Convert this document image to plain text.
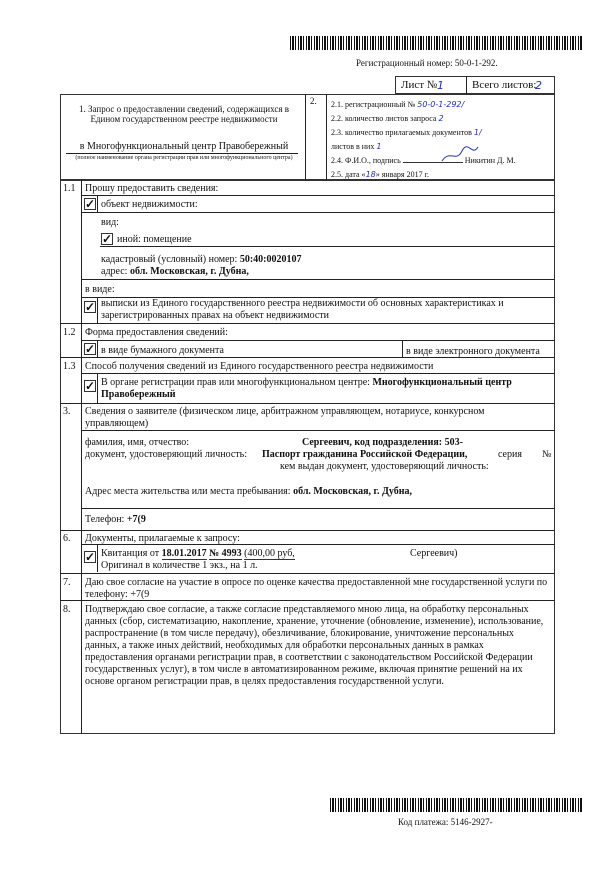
Регистрационный номер: 50-0-1-292.
Лист № 1	Всего листов:
2
1. Запрос о предоставлении сведений, содержащихся в Едином государственном реестре недвижимости
в Многофункциональный центр Правобережный
(полное наименование органа регистрации прав или многофункционального центра)
2. 2.1. регистрационный № 50-0-1-292/
2.2. количество листов запроса 2
2.3. количество прилагаемых документов 1/
листов в них 1
2.4. Ф.И.О., подпись	Никитин Д. М.
2.5. дата «18» января 2017 г.
1.1 Прошу предоставить сведения:
✓ объект недвижимости:
вид:
✓ иной: помещение
кадастровый (условный) номер: 50:40:0020107
адрес: обл. Московская, г. Дубна,
в виде:
✓ выписки из Единого государственного реестра недвижимости об основных характеристиках и зарегистрированных правах на объект недвижимости
1.2 Форма предоставления сведений:
✓ в виде бумажного документа	в виде электронного документа
1.3 Способ получения сведений из Единого государственного реестра недвижимости
✓ В органе регистрации прав или многофункциональном центре: Многофункциональный центр Правобережный
3. Сведения о заявителе (физическом лице, арбитражном управляющем, нотариусе, конкурсном управляющем)
фамилия, имя, отчество:	Сергеевич, код подразделения: 503-
документ, удостоверяющий личность: Паспорт гражданина Российской Федерации,	серия №
кем выдан документ, удостоверяющий личность:
Адрес места жительства или места пребывания: обл. Московская, г. Дубна,
Телефон: +7(9
6. Документы, прилагаемые к запросу:
✓ Квитанция от 18.01.2017 № 4993 (400,00 руб,	Сергеевич)
Оригинал в количестве 1 экз., на 1 л.
7. Даю свое согласие на участие в опросе по оценке качества предоставленной мне государственной услуги по телефону: +7(9
8. Подтверждаю свое согласие, а также согласие представляемого мною лица, на обработку персональных данных (сбор, систематизацию, накопление, хранение, уточнение (обновление, изменение), использование, распространение (в том числе передачу), обезличивание, блокирование, уничтожение персональных данных, а также иных действий, необходимых для обработки персональных данных в рамках предоставления органами регистрации прав, в соответствии с законодательством Российской Федерации государственных услуг), в том числе в автоматизированном режиме, включая принятие решений на их основе органом регистрации прав, в целях предоставления государственной услуги.
Код платежа: 5146-2927-
